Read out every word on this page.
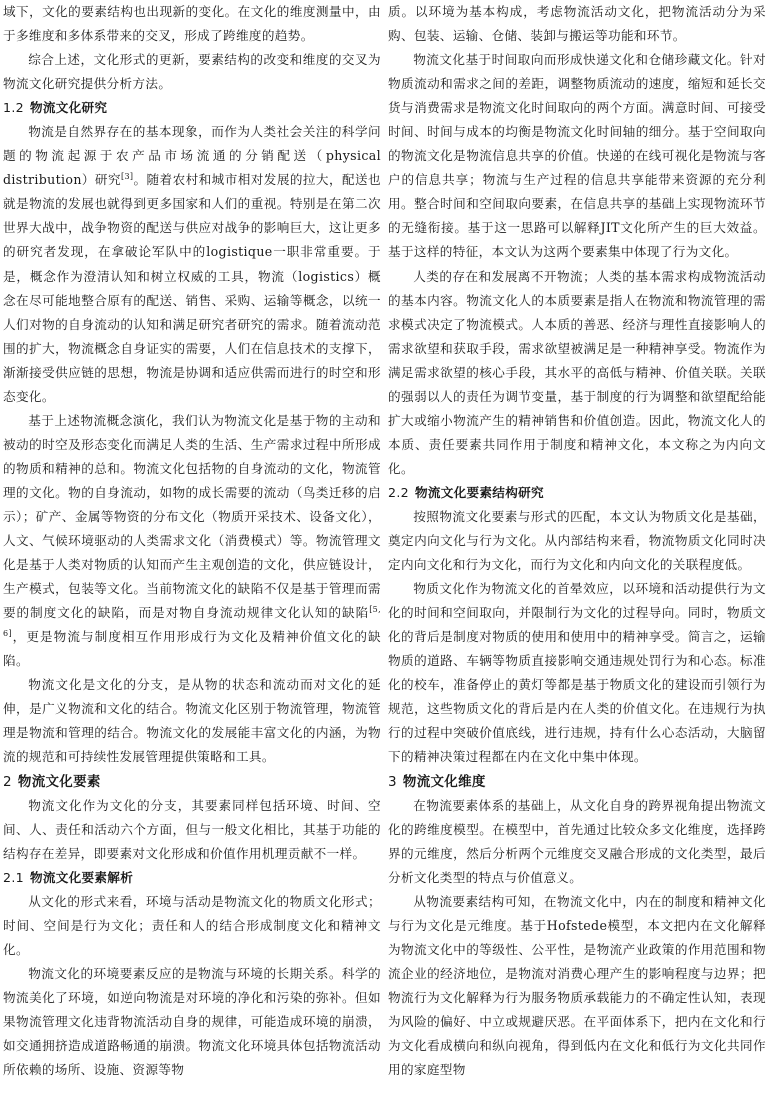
域下，文化的要素结构也出现新的变化。在文化的维度测量中，由于多维度和多体系带来的交叉，形成了跨维度的趋势。

综合上述，文化形式的更新，要素结构的改变和维度的交叉为物流文化研究提供分析方法。

1.2 物流文化研究

物流是自然界存在的基本现象，而作为人类社会关注的科学问题的物流起源于农产品市场流通的分销配送（physical distribution）研究[3]。随着农村和城市相对发展的拉大，配送也就是物流的发展也就得到更多国家和人们的重视。特别是在第二次世界大战中，战争物资的配送与供应对战争的影响巨大，这让更多的研究者发现，在拿破论军队中的logistique一职非常重要。于是，概念作为澄清认知和树立权威的工具，物流（logistics）概念在尽可能地整合原有的配送、销售、采购、运输等概念，以统一人们对物的自身流动的认知和满足研究者研究的需求。随着流动范围的扩大，物流概念自身证实的需要，人们在信息技术的支撑下，渐渐接受供应链的思想，物流是协调和适应供需而进行的时空和形态变化。

基于上述物流概念演化，我们认为物流文化是基于物的主动和被动的时空及形态变化而满足人类的生活、生产需求过程中所形成的物质和精神的总和。物流文化包括物的自身流动的文化，物流管理的文化。物的自身流动，如物的成长需要的流动（鸟类迁移的启示）；矿产、金属等物资的分布文化（物质开采技术、设备文化），人文、气候环境驱动的人类需求文化（消费模式）等。物流管理文化是基于人类对物质的认知而产生主观创造的文化，供应链设计，生产模式，包装等文化。当前物流文化的缺陷不仅是基于管理而需要的制度文化的缺陷，而是对物自身流动规律文化认知的缺陷[5, 6]，更是物流与制度相互作用形成行为文化及精神价值文化的缺陷。

物流文化是文化的分支，是从物的状态和流动而对文化的延伸，是广义物流和文化的结合。物流文化区别于物流管理，物流管理是物流和管理的结合。物流文化的发展能丰富文化的内涵，为物流的规范和可持续性发展管理提供策略和工具。

2 物流文化要素

物流文化作为文化的分支，其要素同样包括环境、时间、空间、人、责任和活动六个方面，但与一般文化相比，其基于功能的结构存在差异，即要素对文化形成和价值作用机理贡献不一样。

2.1 物流文化要素解析

从文化的形式来看，环境与活动是物流文化的物质文化形式；时间、空间是行为文化；责任和人的结合形成制度文化和精神文化。

物流文化的环境要素反应的是物流与环境的长期关系。科学的物流美化了环境，如逆向物流是对环境的净化和污染的弥补。但如果物流管理文化违背物流活动自身的规律，可能造成环境的崩溃，如交通拥挤造成道路畅通的崩溃。物流文化环境具体包括物流活动所依赖的场所、设施、资源等物

质。以环境为基本构成，考虑物流活动文化，把物流活动分为采购、包装、运输、仓储、装卸与搬运等功能和环节。

物流文化基于时间取向而形成快递文化和仓储珍藏文化。针对物质流动和需求之间的差距，调整物质流动的速度，缩短和延长交货与消费需求是物流文化时间取向的两个方面。满意时间、可接受时间、时间与成本的均衡是物流文化时间轴的细分。基于空间取向的物流文化是物流信息共享的价值。快递的在线可视化是物流与客户的信息共享；物流与生产过程的信息共享能带来资源的充分利用。整合时间和空间取向要素，在信息共享的基础上实现物流环节的无缝衔接。基于这一思路可以解释JIT文化所产生的巨大效益。基于这样的特征，本文认为这两个要素集中体现了行为文化。

人类的存在和发展离不开物流；人类的基本需求构成物流活动的基本内容。物流文化人的本质要素是指人在物流和物流管理的需求模式决定了物流模式。人本质的善恶、经济与理性直接影响人的需求欲望和获取手段，需求欲望被满足是一种精神享受。物流作为满足需求欲望的核心手段，其水平的高低与精神、价值关联。关联的强弱以人的责任为调节变量，基于制度的行为调整和欲望配给能扩大或缩小物流产生的精神销售和价值创造。因此，物流文化人的本质、责任要素共同作用于制度和精神文化，本文称之为内向文化。

2.2 物流文化要素结构研究

按照物流文化要素与形式的匹配，本文认为物质文化是基础，奠定内向文化与行为文化。从内部结构来看，物流物质文化同时决定内向文化和行为文化，而行为文化和内向文化的关联程度低。

物质文化作为物流文化的首晕效应，以环境和活动提供行为文化的时间和空间取向，并限制行为文化的过程导向。同时，物质文化的背后是制度对物质的使用和使用中的精神享受。简言之，运输物质的道路、车辆等物质直接影响交通违规处罚行为和心态。标准化的校车，准备停止的黄灯等都是基于物质文化的建设而引领行为规范，这些物质文化的背后是内在人类的价值文化。在违规行为执行的过程中突破价值底线，进行违规，持有什么心态活动，大脑留下的精神决策过程都在内在文化中集中体现。

3 物流文化维度

在物流要素体系的基础上，从文化自身的跨界视角提出物流文化的跨维度模型。在模型中，首先通过比较众多文化维度，选择跨界的元维度，然后分析两个元维度交叉融合形成的文化类型，最后分析文化类型的特点与价值意义。

从物流要素结构可知，在物流文化中，内在的制度和精神文化与行为文化是元维度。基于Hofstede模型，本文把内在文化解释为物流文化中的等级性、公平性，是物流产业政策的作用范围和物流企业的经济地位，是物流对消费心理产生的影响程度与边界；把物流行为文化解释为行为服务物质承载能力的不确定性认知，表现为风险的偏好、中立或规避厌恶。在平面体系下，把内在文化和行为文化看成横向和纵向视角，得到低内在文化和低行为文化共同作用的家庭型物
